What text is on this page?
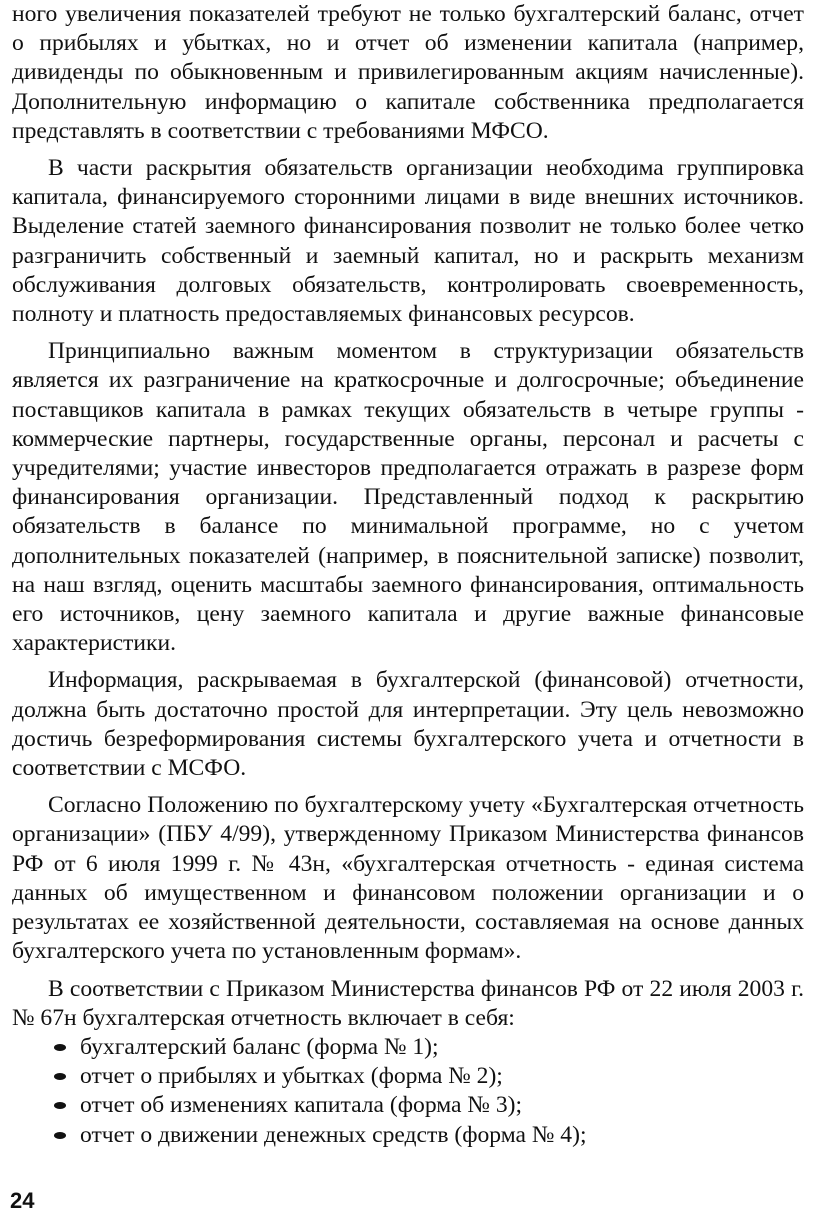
ного увеличения показателей требуют не только бухгалтерский баланс, отчет о прибылях и убытках, но и отчет об изменении капитала (например, дивиденды по обыкновенным и привилегированным акциям начисленные). Дополнительную информацию о капитале собственника предполагается представлять в соответствии с требованиями МФСО.

В части раскрытия обязательств организации необходима группировка капитала, финансируемого сторонними лицами в виде внешних источников. Выделение статей заемного финансирования позволит не только более четко разграничить собственный и заемный капитал, но и раскрыть механизм обслуживания долговых обязательств, контролировать своевременность, полноту и платность предоставляемых финансовых ресурсов.

Принципиально важным моментом в структуризации обязательств является их разграничение на краткосрочные и долгосрочные; объединение поставщиков капитала в рамках текущих обязательств в четыре группы - коммерческие партнеры, государственные органы, персонал и расчеты с учредителями; участие инвесторов предполагается отражать в разрезе форм финансирования организации. Представленный подход к раскрытию обязательств в балансе по минимальной программе, но с учетом дополнительных показателей (например, в пояснительной записке) позволит, на наш взгляд, оценить масштабы заемного финансирования, оптимальность его источников, цену заемного капитала и другие важные финансовые характеристики.

Информация, раскрываемая в бухгалтерской (финансовой) отчетности, должна быть достаточно простой для интерпретации. Эту цель невозможно достичь безреформирования системы бухгалтерского учета и отчетности в соответствии с МСФО.

Согласно Положению по бухгалтерскому учету «Бухгалтерская отчетность организации» (ПБУ 4/99), утвержденному Приказом Министерства финансов РФ от 6 июля 1999 г. № 43н, «бухгалтерская отчетность - единая система данных об имущественном и финансовом положении организации и о результатах ее хозяйственной деятельности, составляемая на основе данных бухгалтерского учета по установленным формам».

В соответствии с Приказом Министерства финансов РФ от 22 июля 2003 г. № 67н бухгалтерская отчетность включает в себя:

бухгалтерский баланс (форма № 1);
отчет о прибылях и убытках (форма № 2);
отчет об изменениях капитала (форма № 3);
отчет о движении денежных средств (форма № 4);
24
